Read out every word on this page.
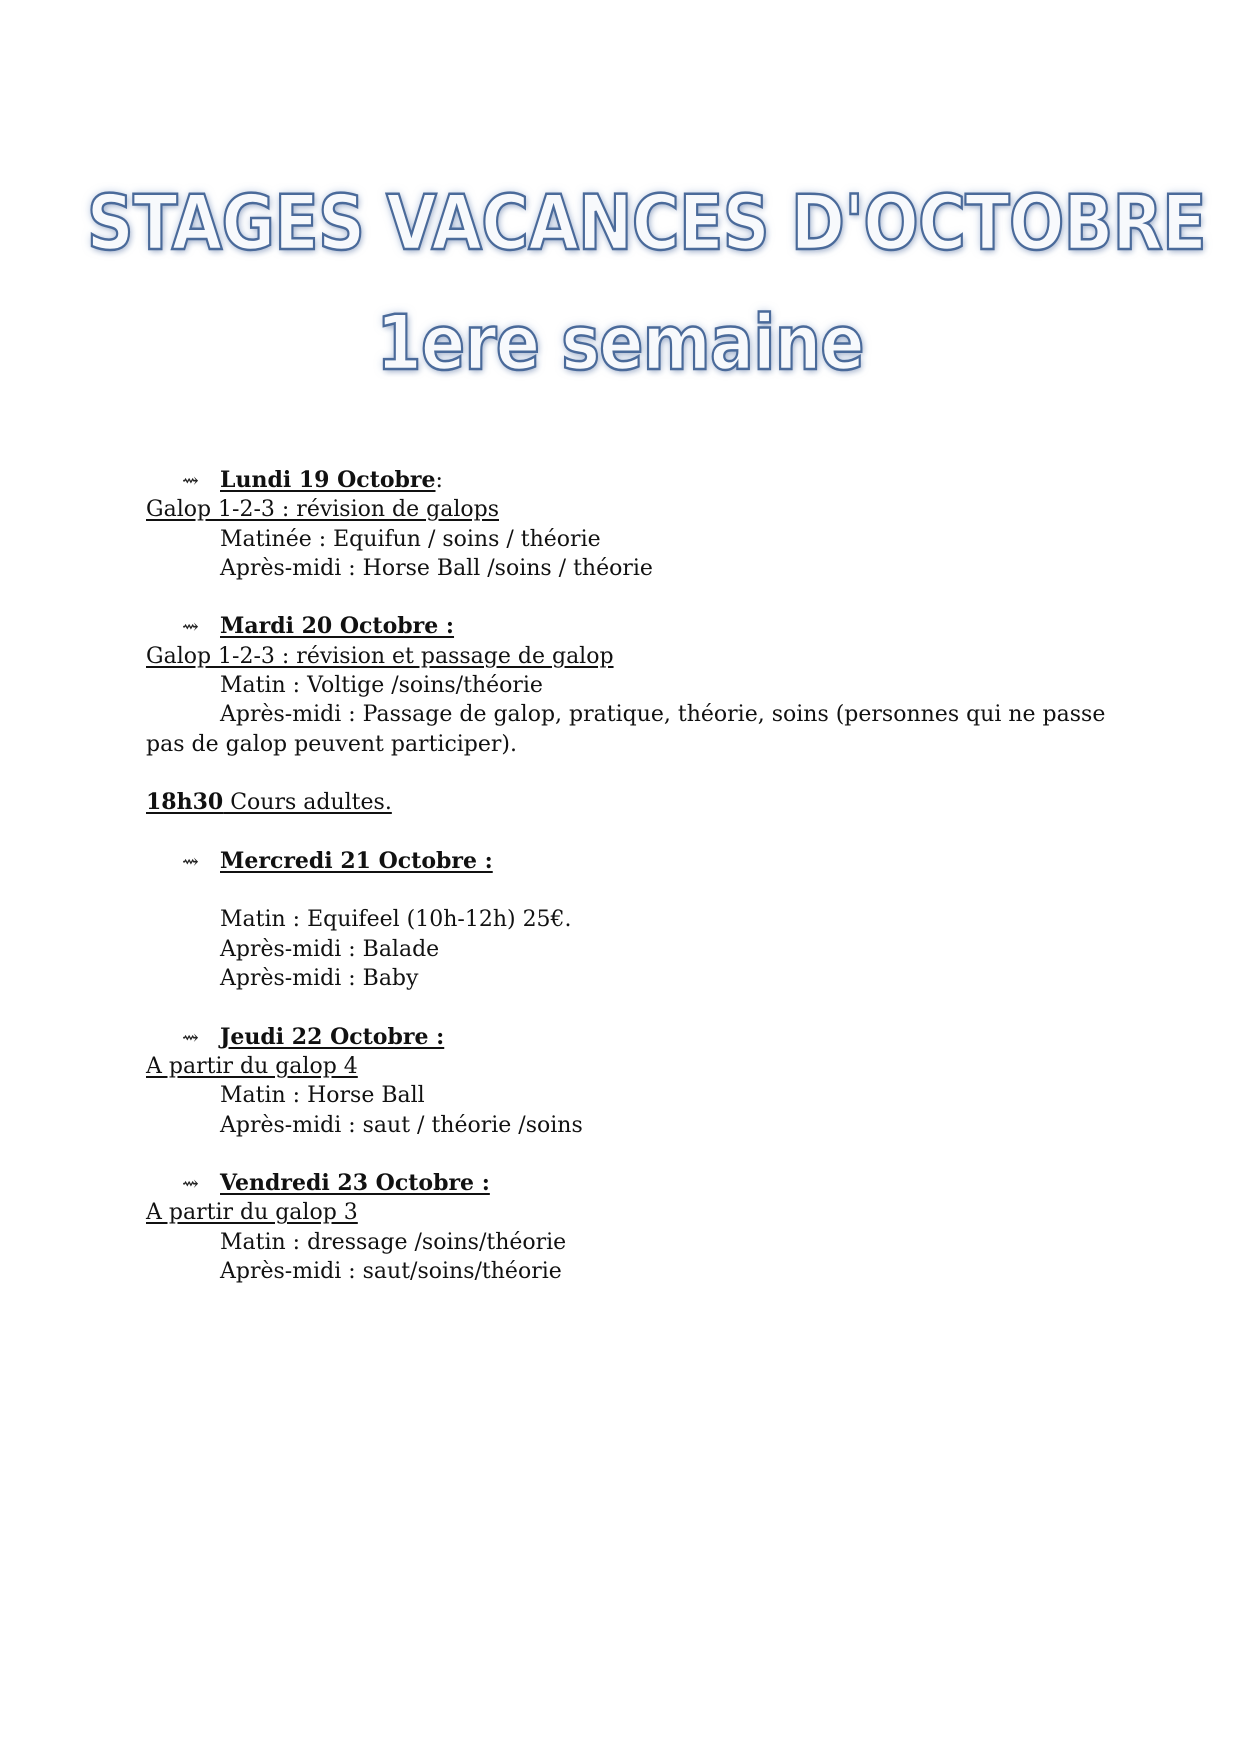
STAGES VACANCES D'OCTOBRE
1ere semaine
⇝ Lundi 19 Octobre :
Galop 1-2-3 : révision de galops
Matinée : Equifun / soins / théorie
Après-midi : Horse Ball /soins / théorie
⇝ Mardi 20 Octobre :
Galop 1-2-3 : révision et passage de galop
Matin : Voltige /soins/théorie
Après-midi : Passage de galop, pratique, théorie, soins (personnes qui ne passe
pas de galop peuvent participer).
18h30 Cours adultes.
⇝ Mercredi 21 Octobre :
Matin : Equifeel (10h-12h) 25€.
Après-midi : Balade
Après-midi : Baby
⇝ Jeudi 22 Octobre :
A partir du galop 4
Matin : Horse Ball
Après-midi : saut / théorie /soins
⇝ Vendredi 23 Octobre :
A partir du galop 3
Matin : dressage /soins/théorie
Après-midi : saut/soins/théorie
